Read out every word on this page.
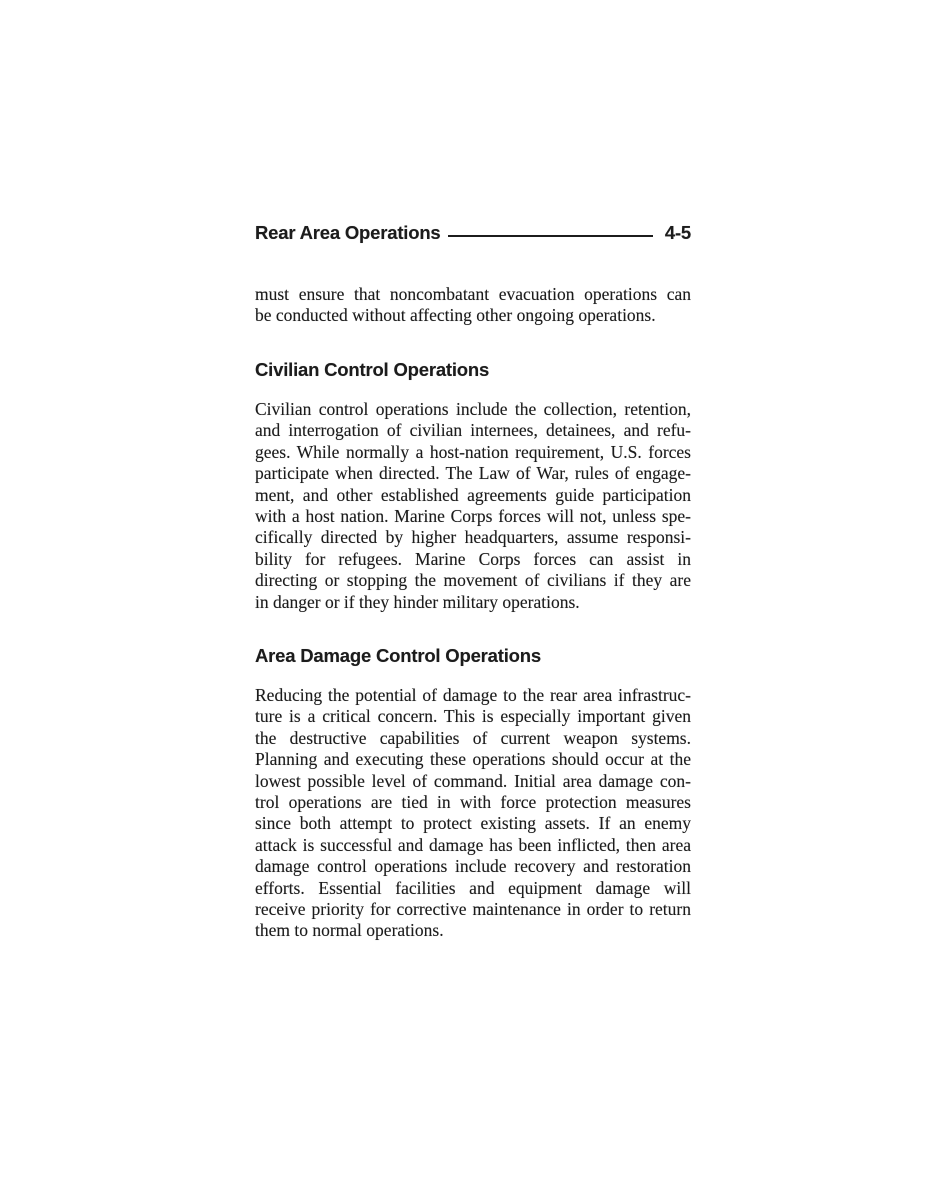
Rear Area Operations	4-5
must ensure that noncombatant evacuation operations can
be conducted without affecting other ongoing operations.
Civilian Control Operations
Civilian control operations include the collection, retention,
and interrogation of civilian internees, detainees, and refu-
gees. While normally a host-nation requirement, U.S. forces
participate when directed. The Law of War, rules of engage-
ment, and other established agreements guide participation
with a host nation. Marine Corps forces will not, unless spe-
cifically directed by higher headquarters, assume responsi-
bility for refugees. Marine Corps forces can assist in
directing or stopping the movement of civilians if they are
in danger or if they hinder military operations.
Area Damage Control Operations
Reducing the potential of damage to the rear area infrastruc-
ture is a critical concern. This is especially important given
the destructive capabilities of current weapon systems.
Planning and executing these operations should occur at the
lowest possible level of command. Initial area damage con-
trol operations are tied in with force protection measures
since both attempt to protect existing assets. If an enemy
attack is successful and damage has been inflicted, then area
damage control operations include recovery and restoration
efforts. Essential facilities and equipment damage will
receive priority for corrective maintenance in order to return
them to normal operations.
